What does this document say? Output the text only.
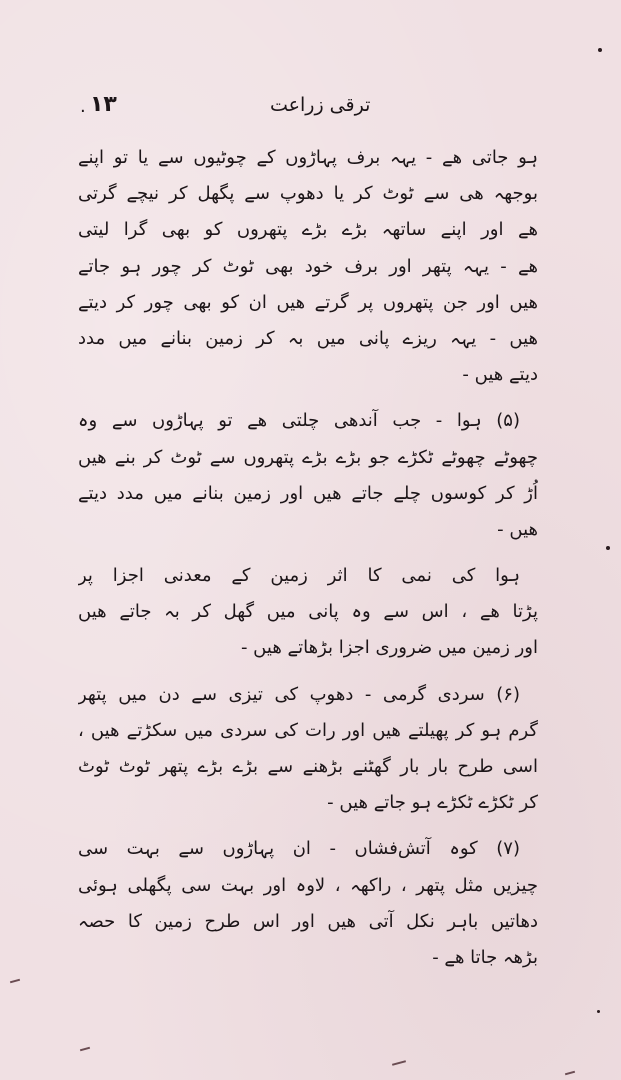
. ۱۳	ترقی زراعت
ہو جاتی ھے - یہہ برف پہاڑوں کے چوٹیوں سے یا تو اپنے
بوجھہ ھی سے ٹوٹ کر یا دھوپ سے پگھل کر نیچے گرتی
ھے اور اپنے ساتھہ بڑے بڑے پتھروں کو بھی گرا لیتی
ھے - یہہ پتھر اور برف خود بھی ٹوٹ کر چور ہو جاتے
ھیں اور جن پتھروں پر گرتے ھیں ان کو بھی چور کر دیتے
ھیں - یہہ ریزے پانی میں بہ کر زمین بنانے میں مدد
دیتے ھیں -
(۵) ہوا - جب آندھی چلتی ھے تو پہاڑوں سے وہ
چھوٹے چھوٹے ٹکڑے جو بڑے بڑے پتھروں سے ٹوٹ کر بنے ھیں
اُڑ کر کوسوں چلے جاتے ھیں اور زمین بنانے میں مدد دیتے
ھیں -
ہوا کی نمی کا اثر زمین کے معدنی اجزا پر
پڑتا ھے ، اس سے وہ پانی میں گھل کر بہ جاتے ھیں
اور زمین میں ضروری اجزا بڑھاتے ھیں -
(۶) سردی گرمی - دھوپ کی تیزی سے دن میں پتھر
گرم ہو کر پھیلتے ھیں اور رات کی سردی میں سکڑتے ھیں ،
اسی طرح بار بار گھٹنے بڑھنے سے بڑے بڑے پتھر ٹوٹ ٹوٹ
کر ٹکڑے ٹکڑے ہو جاتے ھیں -
(۷) کوہ آتش‌فشاں - ان پہاڑوں سے بہت سی
چیزیں مثل پتھر ، راکھہ ، لاوہ اور بہت سی پگھلی ہوئی
دھاتیں باہر نکل آتی ھیں اور اس طرح زمین کا حصہ
بڑھہ جاتا ھے -
